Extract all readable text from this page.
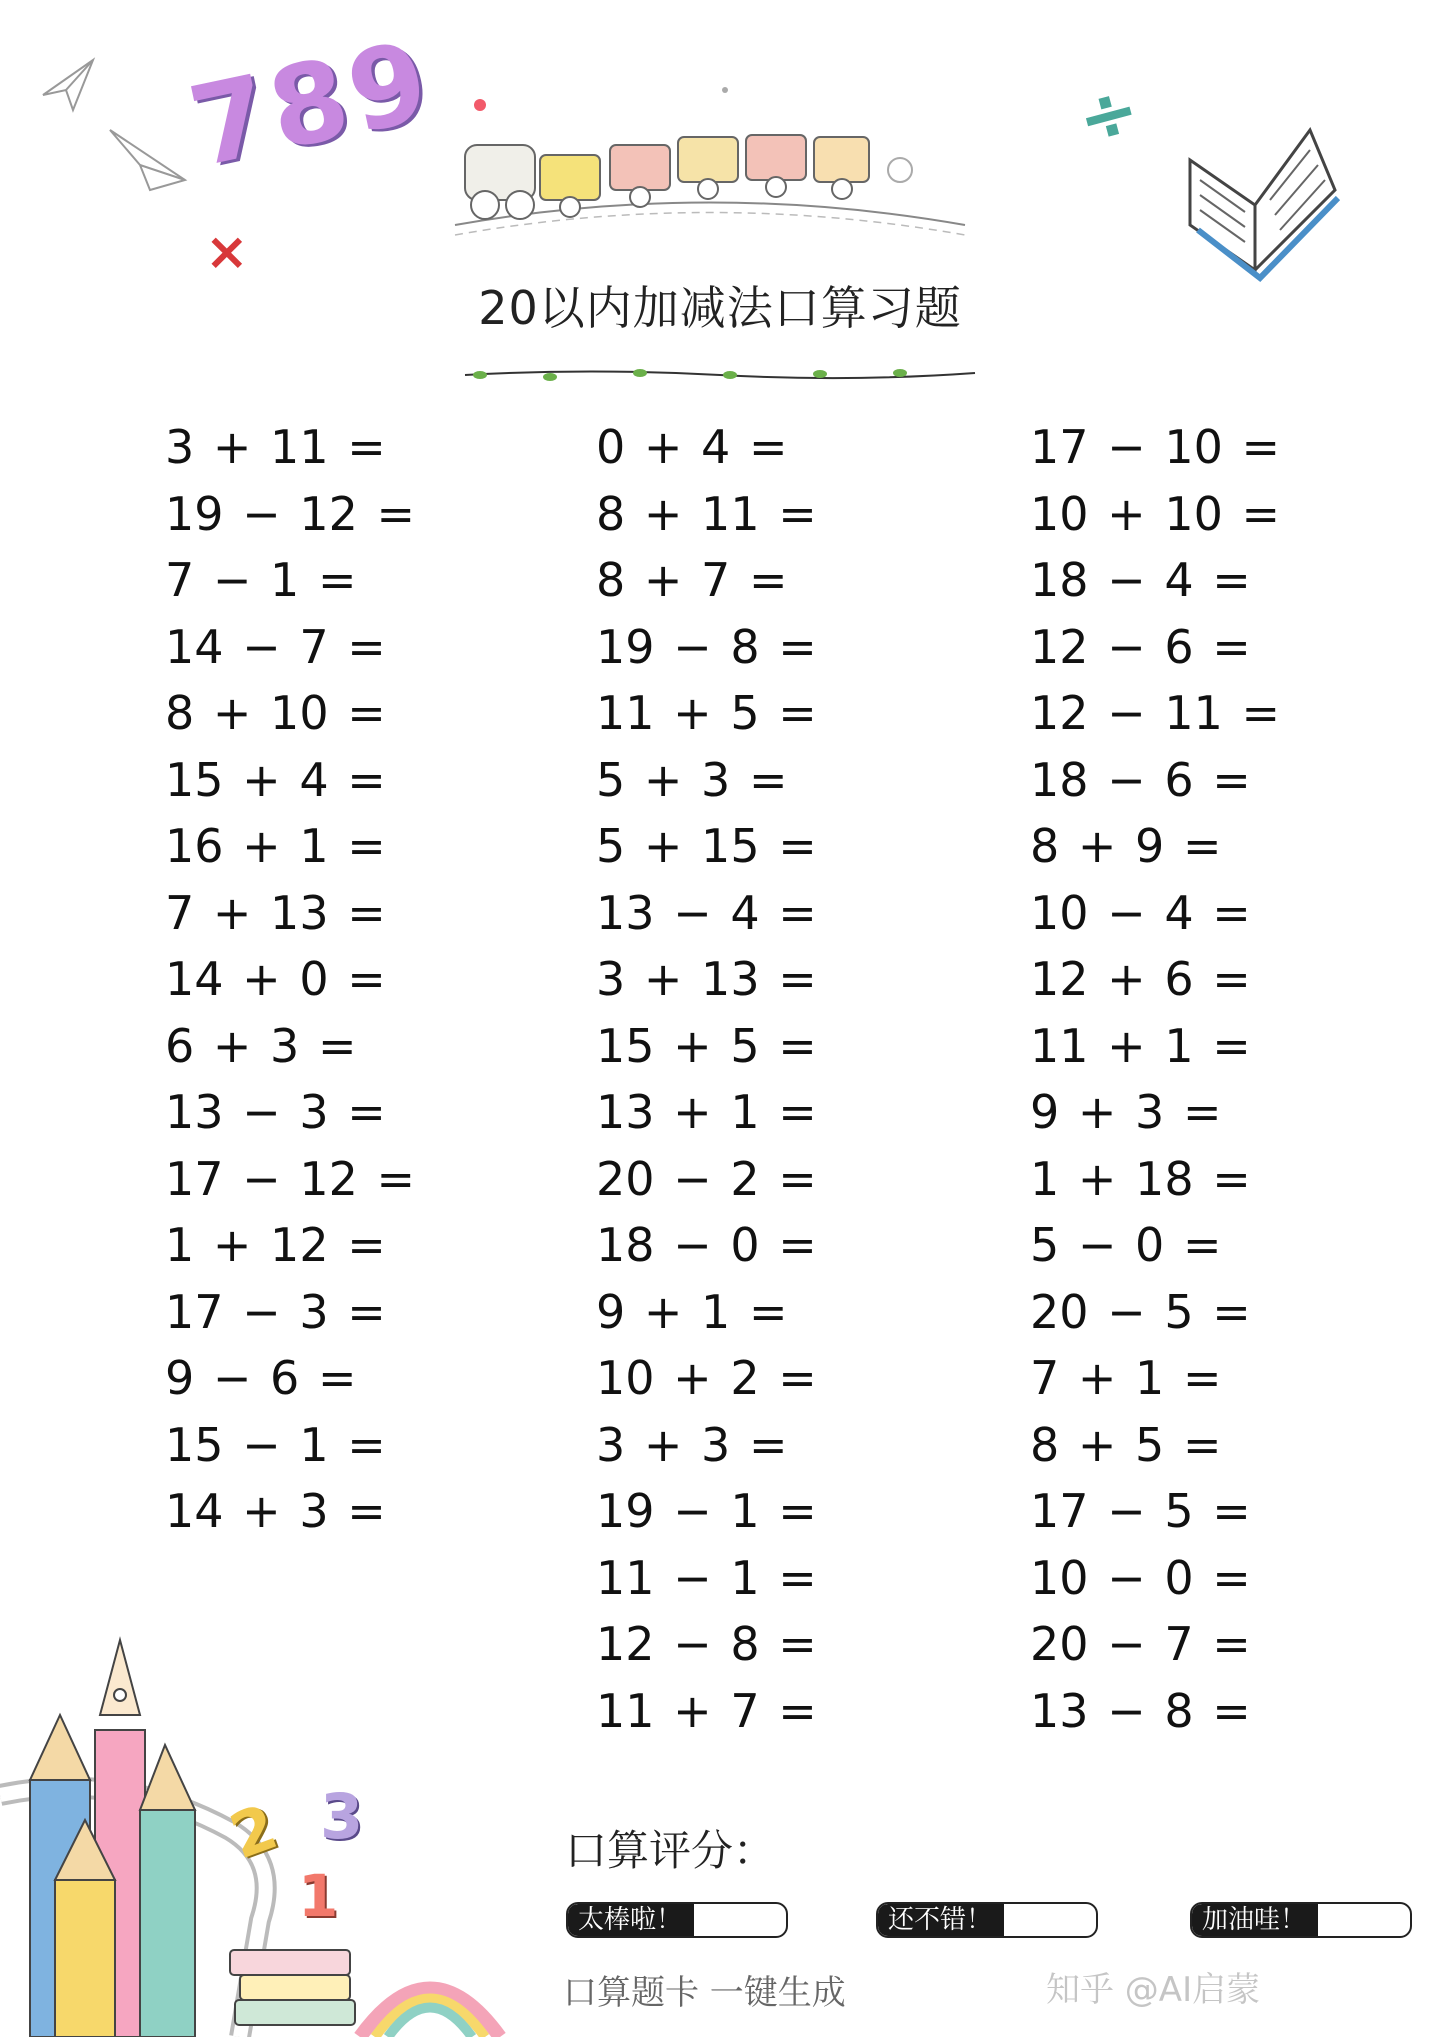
789
×
÷
20以内加减法口算习题
3 + 11 =
19 − 12 =
7 − 1 =
14 − 7 =
8 + 10 =
15 + 4 =
16 + 1 =
7 + 13 =
14 + 0 =
6 + 3 =
13 − 3 =
17 − 12 =
1 + 12 =
17 − 3 =
9 − 6 =
15 − 1 =
14 + 3 =
0 + 4 =
8 + 11 =
8 + 7 =
19 − 8 =
11 + 5 =
5 + 3 =
5 + 15 =
13 − 4 =
3 + 13 =
15 + 5 =
13 + 1 =
20 − 2 =
18 − 0 =
9 + 1 =
10 + 2 =
3 + 3 =
19 − 1 =
11 − 1 =
12 − 8 =
11 + 7 =
17 − 10 =
10 + 10 =
18 − 4 =
12 − 6 =
12 − 11 =
18 − 6 =
8 + 9 =
10 − 4 =
12 + 6 =
11 + 1 =
9 + 3 =
1 + 18 =
5 − 0 =
20 − 5 =
7 + 1 =
8 + 5 =
17 − 5 =
10 − 0 =
20 − 7 =
13 − 8 =
2 3
1
口算评分：
太棒啦！	还不错！	加油哇！
口算题卡 一键生成	知乎 @AI启蒙
